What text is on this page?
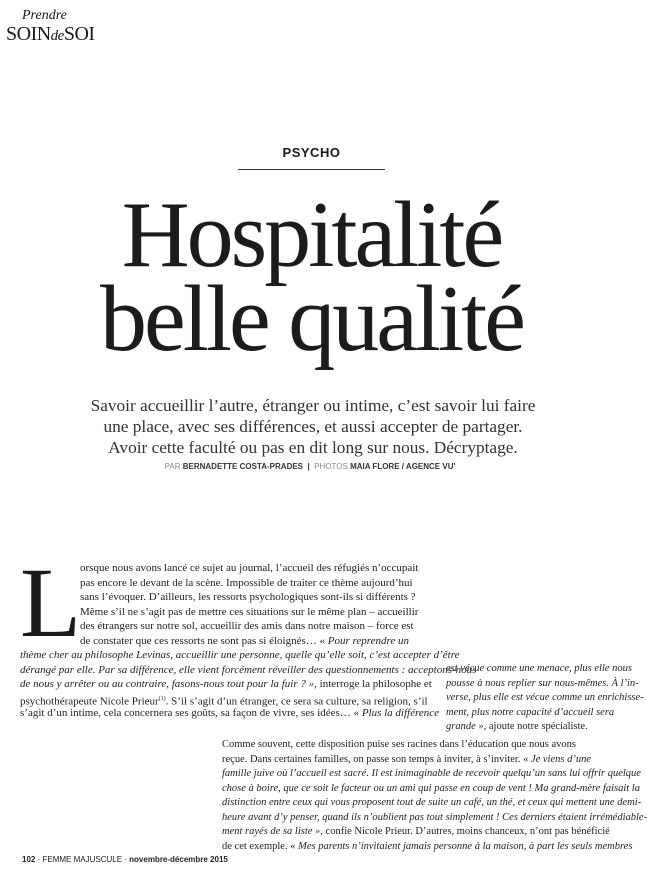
Prendre
SOINdeSOI
PSYCHO
Hospitalité
belle qualité
Savoir accueillir l’autre, étranger ou intime, c’est savoir lui faire
une place, avec ses différences, et aussi accepter de partager.
Avoir cette faculté ou pas en dit long sur nous. Décryptage.
PAR BERNADETTE COSTA-PRADES | PHOTOS MAIA FLORE / AGENCE VU'
L
orsque nous avons lancé ce sujet au journal, l’accueil des réfugiés n’occupait
pas encore le devant de la scène. Impossible de traiter ce thème aujourd’hui
sans l’évoquer. D’ailleurs, les ressorts psychologiques sont-ils si différents ?
Même s’il ne s’agit pas de mettre ces situations sur le même plan – accueillir
des étrangers sur notre sol, accueillir des amis dans notre maison – force est
de constater que ces ressorts ne sont pas si éloignés… « Pour reprendre un
thème cher au philosophe Levinas, accueillir une personne, quelle qu’elle soit, c’est accepter d’être
dérangé par elle. Par sa différence, elle vient forcément réveiller des questionnements : acceptons-nous
de nous y arrêter ou au contraire, fasons-nous tout pour la fuir ? », interroge la philosophe et
psychothérapeute Nicole Prieur$^{(1)}$. S’il s’agit d’un étranger, ce sera sa culture, sa religion, s’il
s’agit d’un intime, cela concernera ses goûts, sa façon de vivre, ses idées… « Plus la différence
est vécue comme une menace, plus elle nous
pousse à nous replier sur nous-mêmes. À l’in-
verse, plus elle est vécue comme un enrichisse-
ment, plus notre capacité d’accueil sera
grande », ajoute notre spécialiste.
Comme souvent, cette disposition puise ses racines dans l’éducation que nous avons
reçue. Dans certaines familles, on passe son temps à inviter, à s’inviter. « Je viens d’une
famille juive où l’accueil est sacré. Il est inimaginable de recevoir quelqu’un sans lui offrir quelque
chose à boire, que ce soit le facteur ou un ami qui passe en coup de vent ! Ma grand-mère faisait la
distinction entre ceux qui vous proposent tout de suite un café, un thé, et ceux qui mettent une demi-
heure avant d’y penser, quand ils n’oublient pas tout simplement ! Ces derniers étaient irrémédiable-
ment rayés de sa liste », confie Nicole Prieur. D’autres, moins chanceux, n’ont pas bénéficié
de cet exemple. « Mes parents n’invitaient jamais personne à la maison, à part les seuls membres
102 · FEMME MAJUSCULE · novembre-décembre 2015
